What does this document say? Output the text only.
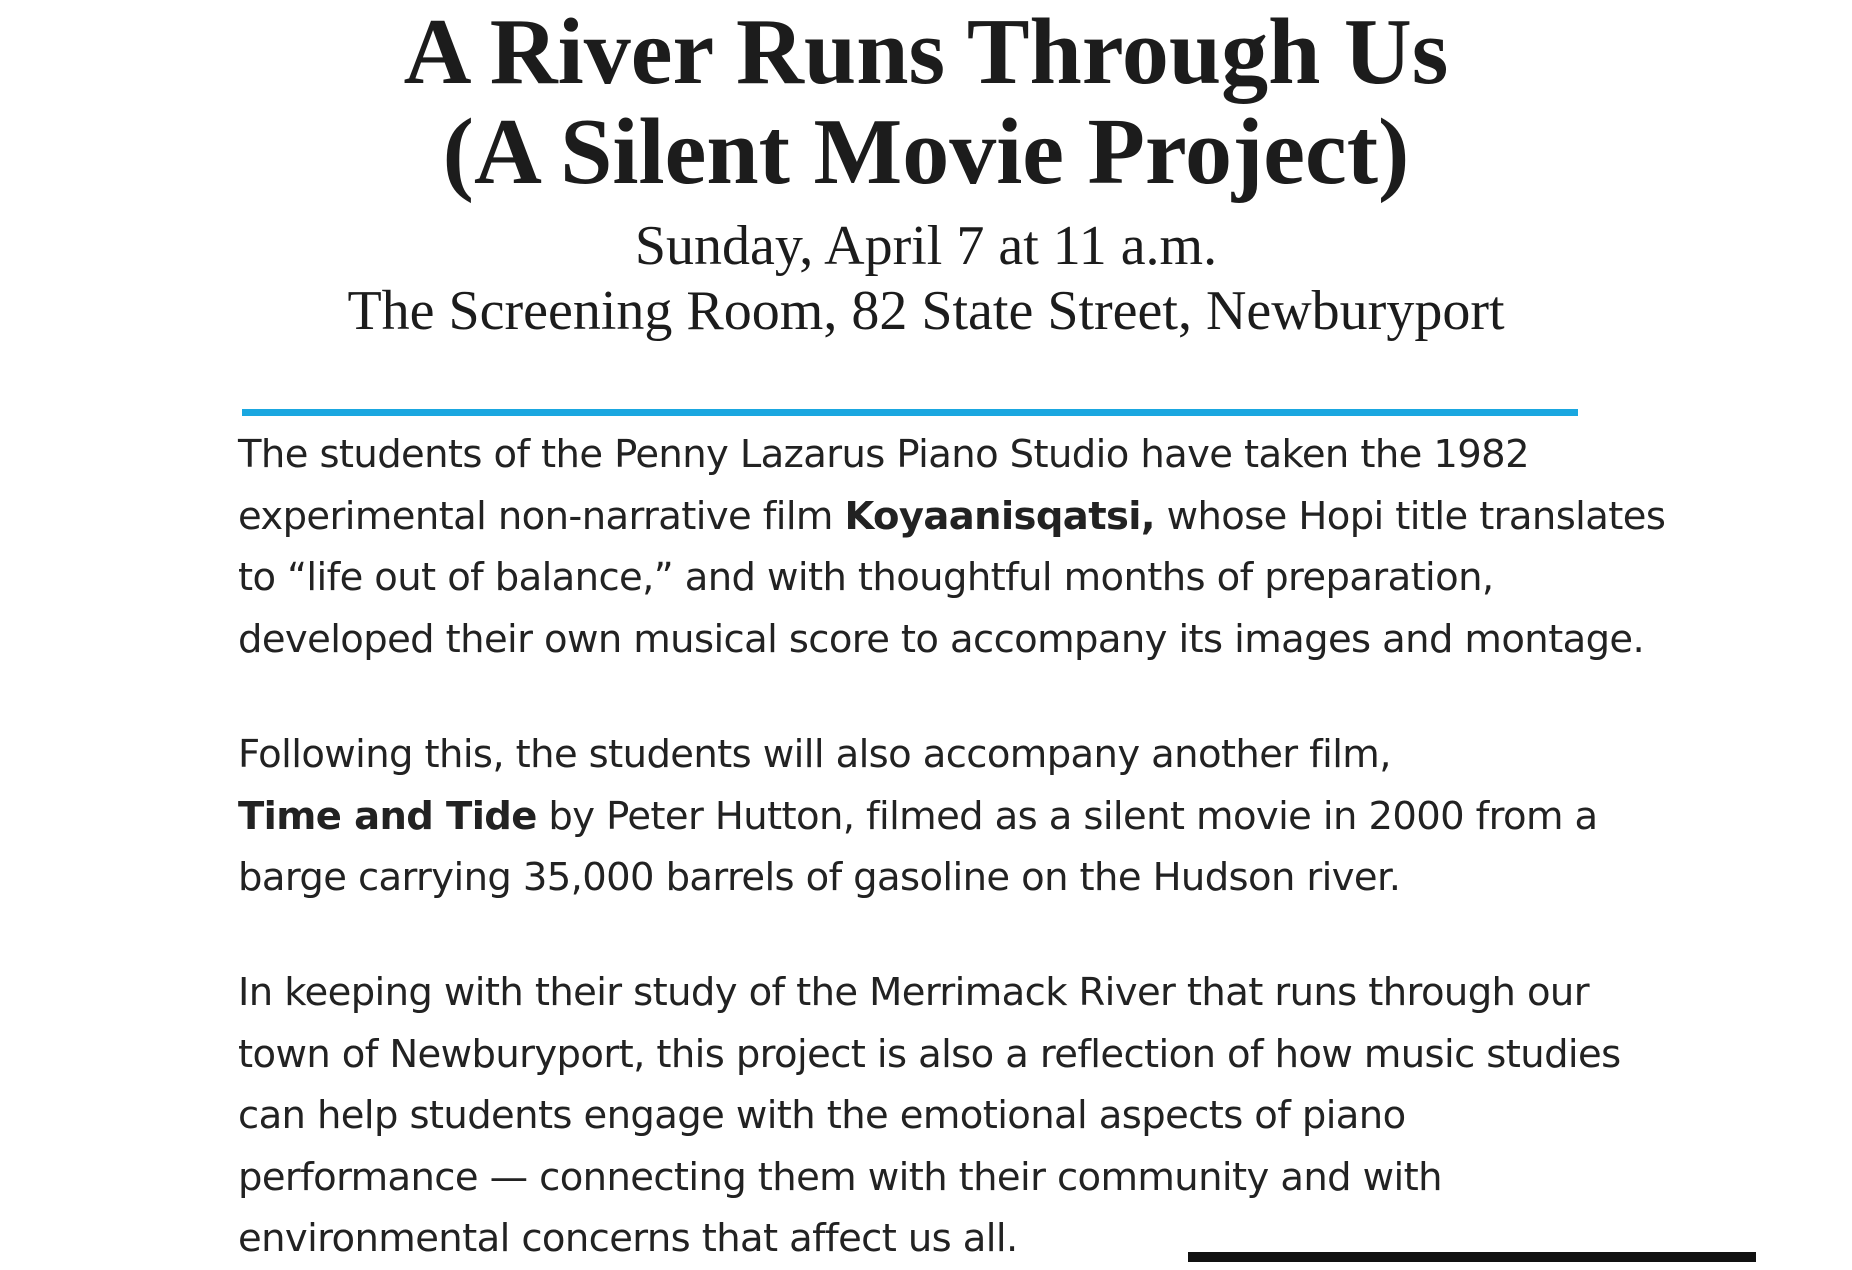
A River Runs Through Us
(A Silent Movie Project)

Sunday, April 7 at 11 a.m.

The Screening Room, 82 State Street, Newburyport

The students of the Penny Lazarus Piano Studio have taken the 1982
experimental non-narrative film Koyaanisqatsi, whose Hopi title translates
to “life out of balance,” and with thoughtful months of preparation,
developed their own musical score to accompany its images and montage.
Following this, the students will also accompany another film,
Time and Tide by Peter Hutton, filmed as a silent movie in 2000 from a
barge carrying 35,000 barrels of gasoline on the Hudson river.
In keeping with their study of the Merrimack River that runs through our
town of Newburyport, this project is also a reflection of how music studies
can help students engage with the emotional aspects of piano
performance — connecting them with their community and with
environmental concerns that affect us all.
